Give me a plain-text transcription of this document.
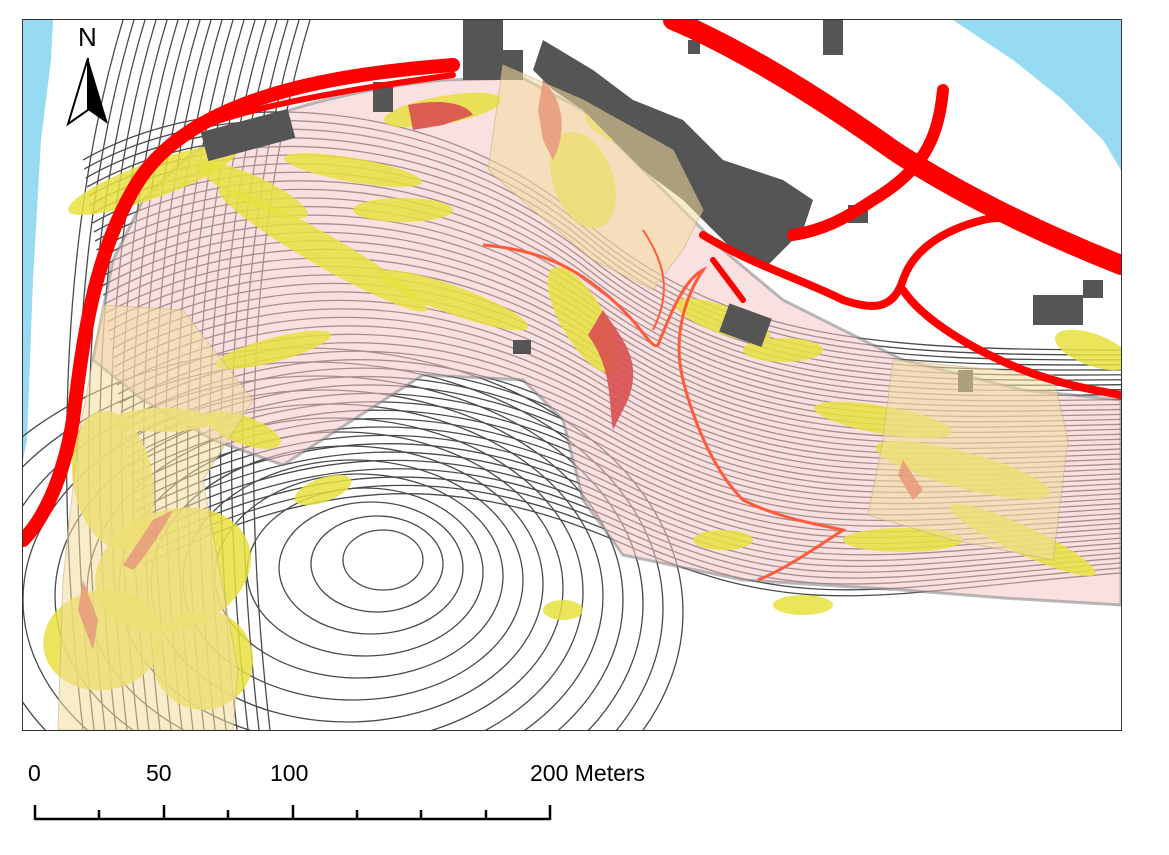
N
0	50	100	200 Meters
